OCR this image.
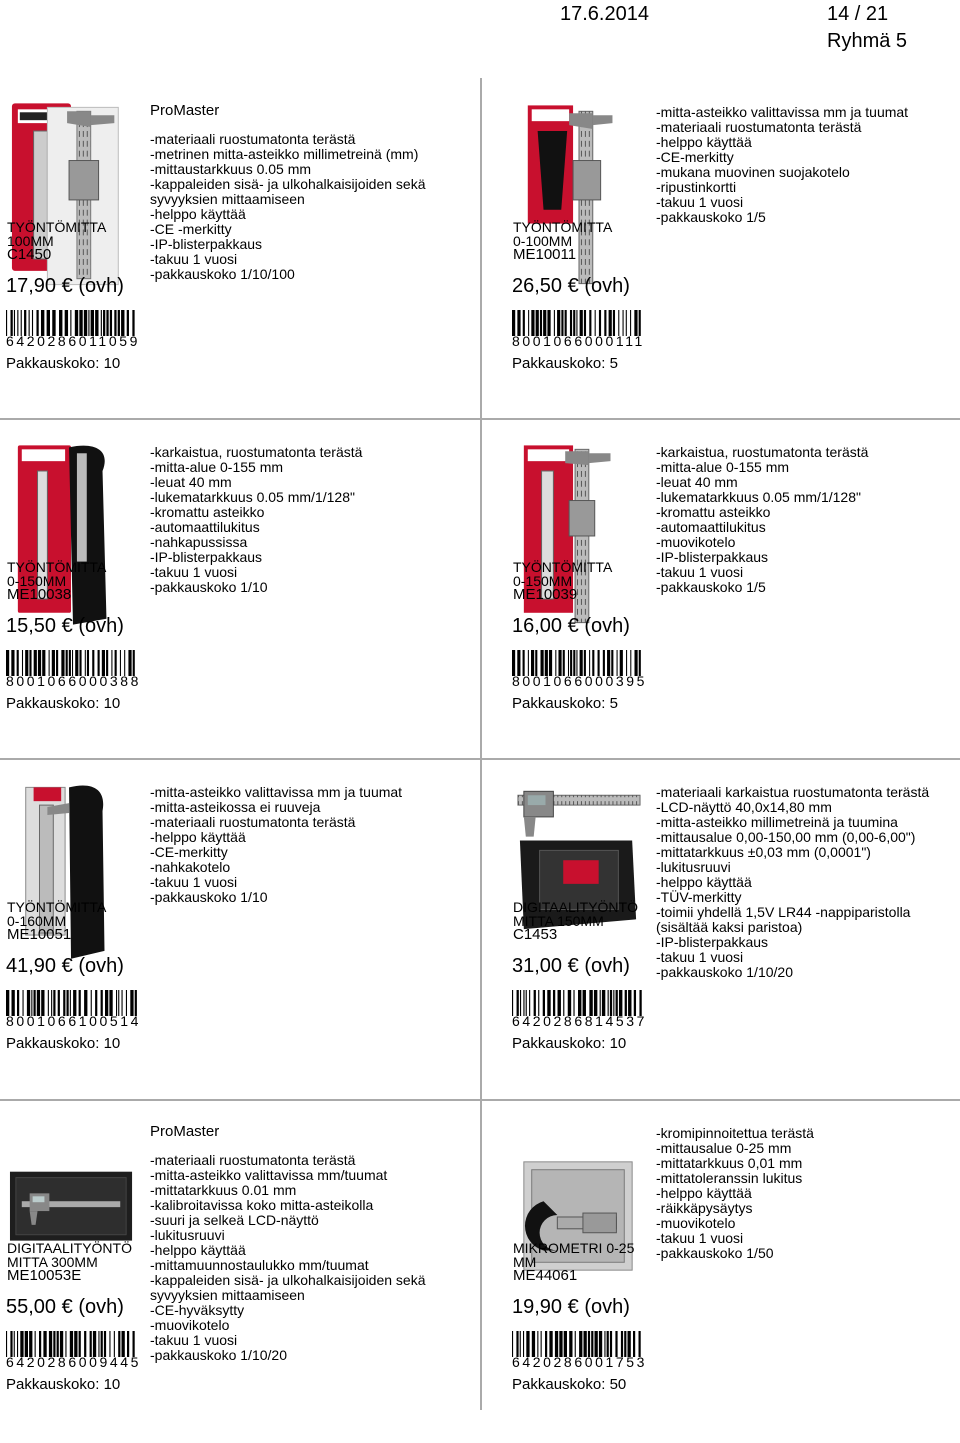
17.6.2014	14 / 21
Ryhmä 5
TYÖNTÖMITTA
100MM
C1450
17,90 € (ovh)
ProMaster
-materiaali ruostumatonta terästä
-metrinen mitta-asteikko millimetreinä (mm)
-mittaustarkkuus 0.05 mm
-kappaleiden sisä- ja ulkohalkaisijoiden sekä
syvyyksien mittaamiseen
-helppo käyttää
-CE -merkitty
-IP-blisterpakkaus
-takuu 1 vuosi
-pakkauskoko 1/10/100
6420286011059
Pakkauskoko: 10
TYÖNTÖMITTA
0-100MM
ME10011
26,50 € (ovh)
-mitta-asteikko valittavissa mm ja tuumat
-materiaali ruostumatonta terästä
-helppo käyttää
-CE-merkitty
-mukana muovinen suojakotelo
-ripustinkortti
-takuu 1 vuosi
-pakkauskoko 1/5
8001066000111
Pakkauskoko: 5
TYÖNTÖMITTA
0-150MM
ME10038
15,50 € (ovh)
-karkaistua, ruostumatonta terästä
-mitta-alue 0-155 mm
-leuat 40 mm
-lukematarkkuus 0.05 mm/1/128"
-kromattu asteikko
-automaattilukitus
-nahkapussissa
-IP-blisterpakkaus
-takuu 1 vuosi
-pakkauskoko 1/10
8001066000388
Pakkauskoko: 10
TYÖNTÖMITTA
0-150MM
ME10039
16,00 € (ovh)
-karkaistua, ruostumatonta terästä
-mitta-alue 0-155 mm
-leuat 40 mm
-lukematarkkuus 0.05 mm/1/128"
-kromattu asteikko
-automaattilukitus
-muovikotelo
-IP-blisterpakkaus
-takuu 1 vuosi
-pakkauskoko 1/5
8001066000395
Pakkauskoko: 5
TYÖNTÖMITTA
0-160MM
ME10051
41,90 € (ovh)
-mitta-asteikko valittavissa mm ja tuumat
-mitta-asteikossa ei ruuveja
-materiaali ruostumatonta terästä
-helppo käyttää
-CE-merkitty
-nahkakotelo
-takuu 1 vuosi
-pakkauskoko 1/10
8001066100514
Pakkauskoko: 10
DIGITAALITYÖNTÖ
MITTA 150MM
C1453
31,00 € (ovh)
-materiaali karkaistua ruostumatonta terästä
-LCD-näyttö 40,0x14,80 mm
-mitta-asteikko millimetreinä ja tuumina
-mittausalue 0,00-150,00 mm (0,00-6,00")
-mittatarkkuus ±0,03 mm (0,0001")
-lukitusruuvi
-helppo käyttää
-TÜV-merkitty
-toimii yhdellä 1,5V LR44 -nappiparistolla
(sisältää kaksi paristoa)
-IP-blisterpakkaus
-takuu 1 vuosi
-pakkauskoko 1/10/20
6420286814537
Pakkauskoko: 10
DIGITAALITYÖNTÖ
MITTA 300MM
ME10053E
55,00 € (ovh)
ProMaster
-materiaali ruostumatonta terästä
-mitta-asteikko valittavissa mm/tuumat
-mittatarkkuus 0.01 mm
-kalibroitavissa koko mitta-asteikolla
-suuri ja selkeä LCD-näyttö
-lukitusruuvi
-helppo käyttää
-mittamuunnostaulukko mm/tuumat
-kappaleiden sisä- ja ulkohalkaisijoiden sekä
syvyyksien mittaamiseen
-CE-hyväksytty
-muovikotelo
-takuu 1 vuosi
-pakkauskoko 1/10/20
6420286009445
Pakkauskoko: 10
MIKROMETRI 0-25
MM
ME44061
19,90 € (ovh)
-kromipinnoitettua terästä
-mittausalue 0-25 mm
-mittatarkkuus 0,01 mm
-mittatoleranssin lukitus
-helppo käyttää
-räikkäpysäytys
-muovikotelo
-takuu 1 vuosi
-pakkauskoko 1/50
6420286001753
Pakkauskoko: 50
